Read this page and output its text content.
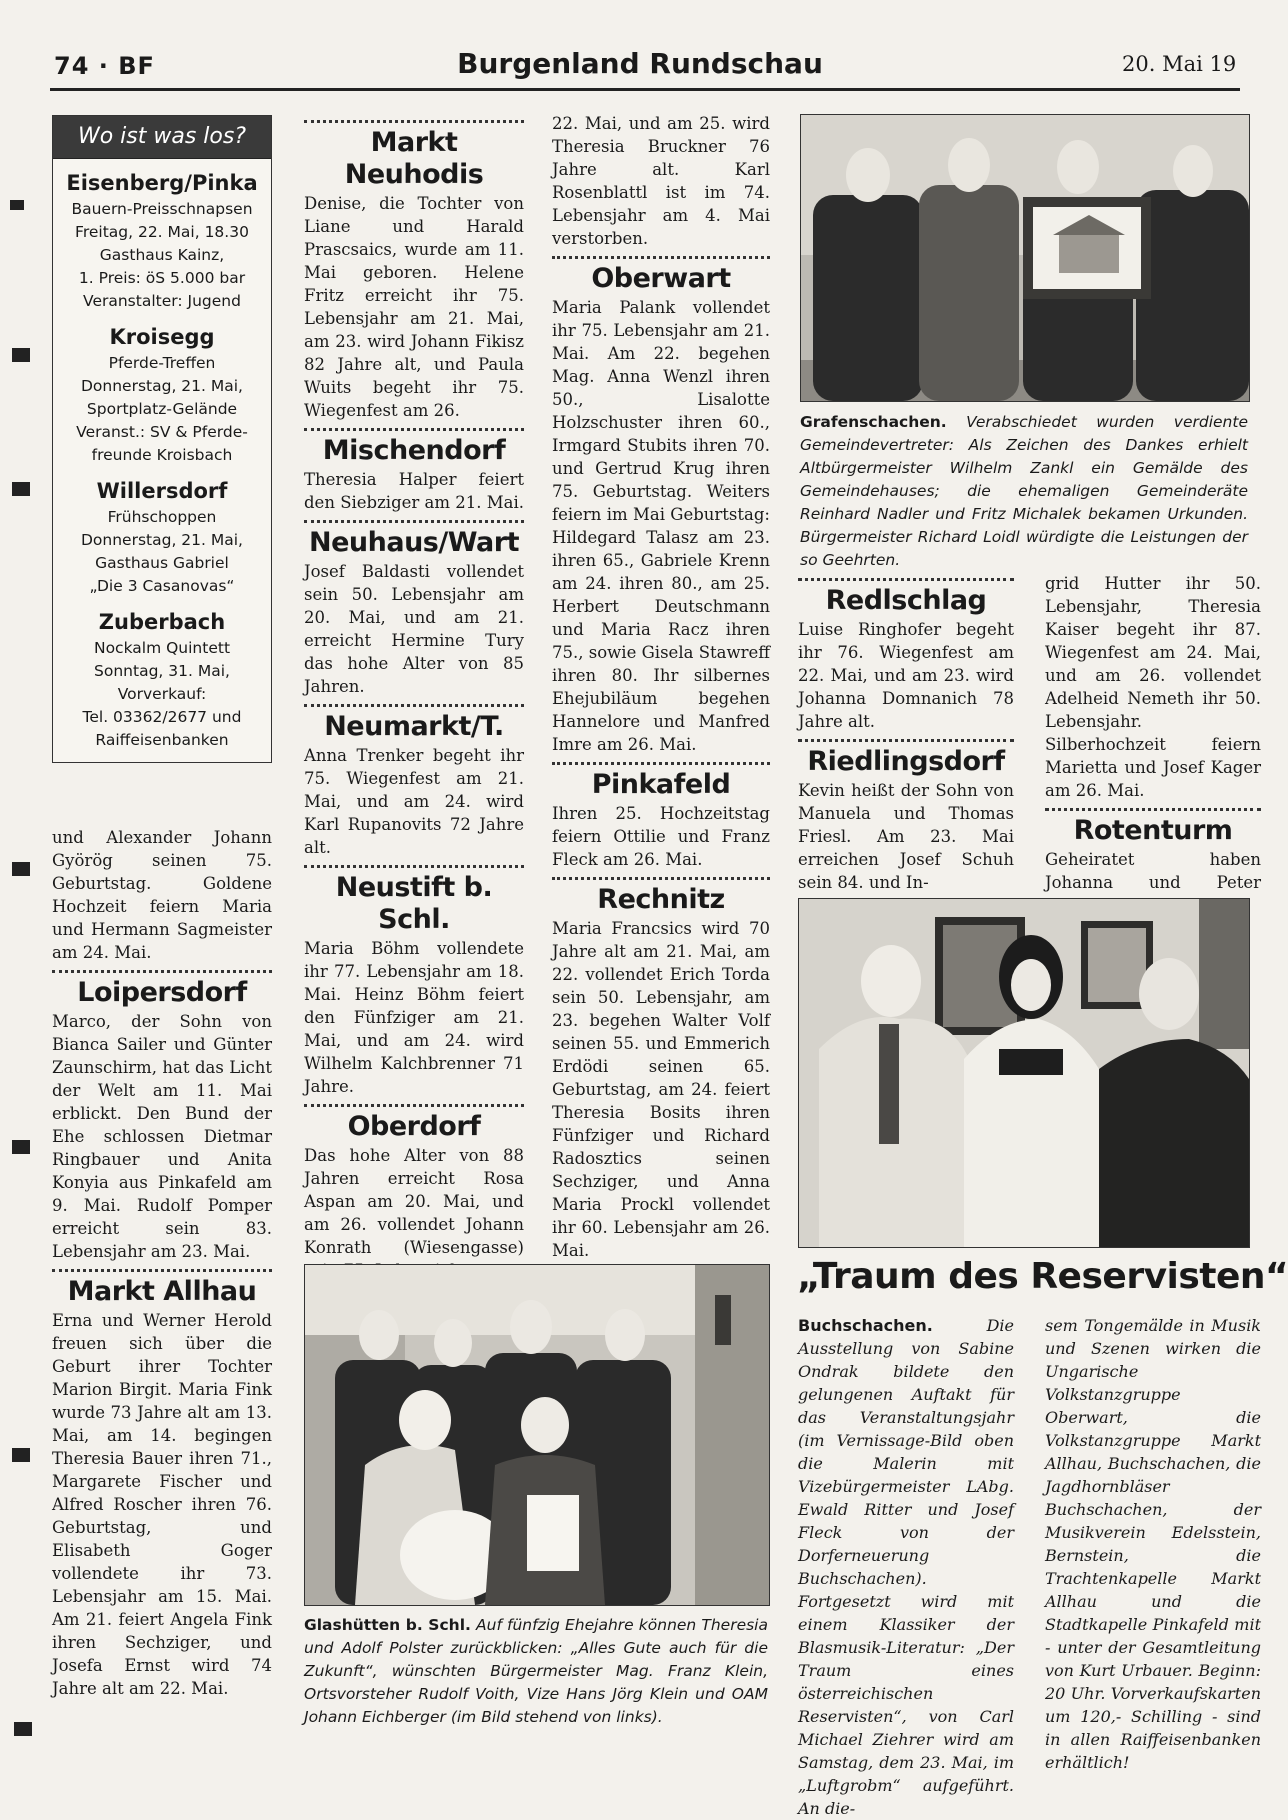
74 · BF	Burgenland Rundschau	20. Mai 19
Wo ist was los?
Eisenberg/Pinka
Bauern-Preisschnapsen
Freitag, 22. Mai, 18.30
Gasthaus Kainz,
1. Preis: öS 5.000 bar
Veranstalter: Jugend
Kroisegg
Pferde-Treffen
Donnerstag, 21. Mai,
Sportplatz-Gelände
Veranst.: SV & Pferde-
freunde Kroisbach
Willersdorf
Frühschoppen
Donnerstag, 21. Mai,
Gasthaus Gabriel
„Die 3 Casanovas“
Zuberbach
Nockalm Quintett
Sonntag, 31. Mai,
Vorverkauf:
Tel. 03362/2677 und
Raiffeisenbanken

und Alexander Johann Györög seinen 75. Geburtstag. Goldene Hochzeit feiern Maria und Hermann Sagmeister am 24. Mai.

Loipersdorf

Marco, der Sohn von Bianca Sailer und Günter Zaunschirm, hat das Licht der Welt am 11. Mai erblickt. Den Bund der Ehe schlossen Dietmar Ringbauer und Anita Konyia aus Pinkafeld am 9. Mai. Rudolf Pomper erreicht sein 83. Lebensjahr am 23. Mai.

Markt Allhau

Erna und Werner Herold freuen sich über die Geburt ihrer Tochter Marion Birgit. Maria Fink wurde 73 Jahre alt am 13. Mai, am 14. begingen Theresia Bauer ihren 71., Margarete Fischer und Alfred Roscher ihren 76. Geburtstag, und Elisabeth Goger vollendete ihr 73. Lebensjahr am 15. Mai. Am 21. feiert Angela Fink ihren Sechziger, und Josefa Ernst wird 74 Jahre alt am 22. Mai.

Markt Neuhodis

Denise, die Tochter von Liane und Harald Prascsaics, wurde am 11. Mai geboren. Helene Fritz erreicht ihr 75. Lebensjahr am 21. Mai, am 23. wird Johann Fikisz 82 Jahre alt, und Paula Wuits begeht ihr 75. Wiegenfest am 26.

Mischendorf

Theresia Halper feiert den Siebziger am 21. Mai.

Neuhaus/Wart

Josef Baldasti vollendet sein 50. Lebensjahr am 20. Mai, und am 21. erreicht Hermine Tury das hohe Alter von 85 Jahren.

Neumarkt/T.

Anna Trenker begeht ihr 75. Wiegenfest am 21. Mai, und am 24. wird Karl Rupanovits 72 Jahre alt.

Neustift b. Schl.

Maria Böhm vollendete ihr 77. Lebensjahr am 18. Mai. Heinz Böhm feiert den Fünfziger am 21. Mai, und am 24. wird Wilhelm Kalchbrenner 71 Jahre.

Oberdorf

Das hohe Alter von 88 Jahren erreicht Rosa Aspan am 20. Mai, und am 26. vollendet Johann Konrath (Wiesengasse)

22. Mai, und am 25. wird Theresia Bruckner 76 Jahre alt. Karl Rosenblattl ist im 74. Lebensjahr am 4. Mai verstorben.

Oberwart

Maria Palank vollendet ihr 75. Lebensjahr am 21. Mai. Am 22. begehen Mag. Anna Wenzl ihren 50., Lisalotte Holzschuster ihren 60., Irmgard Stubits ihren 70. und Gertrud Krug ihren 75. Geburtstag. Weiters feiern im Mai Geburtstag: Hildegard Talasz am 23. ihren 65., Gabriele Krenn am 24. ihren 80., am 25. Herbert Deutschmann und Maria Racz ihren 75., sowie Gisela Stawreff ihren 80. Ihr silbernes Ehejubiläum begehen Hannelore und Manfred Imre am 26. Mai.

Pinkafeld

Ihren 25. Hochzeitstag feiern Ottilie und Franz Fleck am 26. Mai.

Rechnitz

Maria Francsics wird 70 Jahre alt am 21. Mai, am 22. vollendet Erich Torda sein 50. Lebensjahr, am 23. begehen Walter Volf seinen 55. und Emmerich Erdödi seinen 65. Geburtstag, am 24. feiert Theresia Bosits ihren Fünfziger und Richard Radosztics seinen Sechziger, und Anna Maria Prockl vollendet ihr 60. Lebensjahr am 26. Mai.

Grafenschachen. Verabschiedet wurden verdiente Gemeindevertreter: Als Zeichen des Dankes erhielt Altbürgermeister Wilhelm Zankl ein Gemälde des Gemeindehauses; die ehemaligen Gemeinderäte Reinhard Nadler und Fritz Michalek bekamen Urkunden. Bürgermeister Richard Loidl würdigte die Leistungen der so Geehrten.
Redlschlag

Luise Ringhofer begeht ihr 76. Wiegenfest am 22. Mai, und am 23. wird Johanna Domnanich 78 Jahre alt.

Riedlingsdorf

Kevin heißt der Sohn von Manuela und Thomas Friesl. Am 23. Mai erreichen Josef Schuh sein 84. und In-

grid Hutter ihr 50. Lebensjahr, Theresia Kaiser begeht ihr 87. Wiegenfest am 24. Mai, und am 26. vollendet Adelheid Nemeth ihr 50. Lebensjahr. Silberhochzeit feiern Marietta und Josef Kager am 26. Mai.

Rotenturm

Geheiratet haben Johanna und Peter

Glashütten b. Schl. Auf fünfzig Ehejahre können Theresia und Adolf Polster zurückblicken: „Alles Gute auch für die Zukunft“, wünschten Bürgermeister Mag. Franz Klein, Ortsvorsteher Rudolf Voith, Vize Hans Jörg Klein und OAM Johann Eichberger (im Bild stehend von links).
„Traum des Reservisten“
Buchschachen.	Die Ausstellung von Sabine Ondrak bildete den gelungenen Auftakt für das Veranstaltungsjahr (im Vernissage-Bild oben die Malerin mit Vizebürgermeister LAbg. Ewald Ritter und Josef Fleck von der Dorferneuerung Buchschachen). Fortgesetzt wird mit einem Klassiker der Blasmusik-Literatur: „Der Traum eines österreichischen Reservisten“, von Carl Michael Ziehrer wird am Samstag, dem 23. Mai, im „Luftgrobm“ aufgeführt. An die-
sem Tongemälde in Musik und Szenen wirken die Ungarische Volkstanzgruppe Oberwart, die Volkstanzgruppe Markt Allhau, Buchschachen, die Jagdhornbläser Buchschachen, der Musikverein Edelsstein, Bernstein, die Trachtenkapelle Markt Allhau und die Stadtkapelle Pinkafeld mit - unter der Gesamtleitung von Kurt Urbauer. Beginn: 20 Uhr. Vorverkaufskarten um 120,- Schilling - sind in allen Raiffeisenbanken erhältlich!
